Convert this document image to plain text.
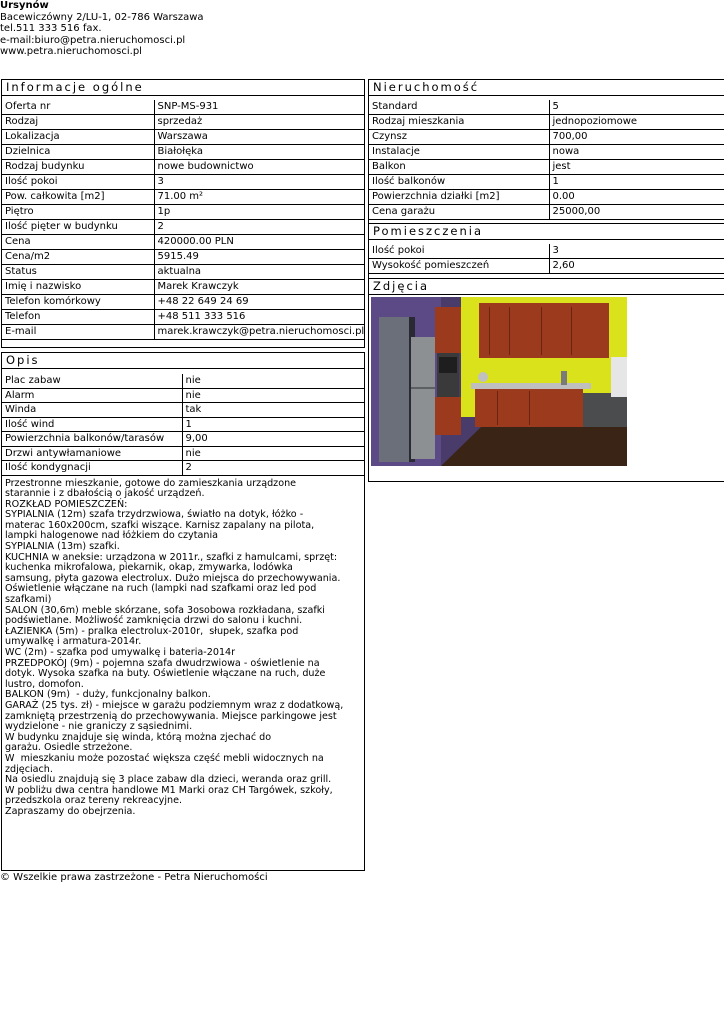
Ursynów
Bacewiczówny 2/LU-1, 02-786 Warszawa
tel.511 333 516 fax.
e-mail:biuro@petra.nieruchomosci.pl
www.petra.nieruchomosci.pl
Informacje ogólne
Oferta nr	SNP-MS-931
Rodzaj	sprzedaż
Lokalizacja	Warszawa
Dzielnica	Białołęka
Rodzaj budynku	nowe budownictwo
Ilość pokoi	3
Pow. całkowita [m2]	71.00 m²
Piętro	1p
Ilość pięter w budynku	2
Cena	420000.00 PLN
Cena/m2	5915.49
Status	aktualna
Imię i nazwisko	Marek Krawczyk
Telefon komórkowy	+48 22 649 24 69
Telefon	+48 511 333 516
E-mail	marek.krawczyk@petra.nieruchomosci.pl
Opis
Plac zabaw	nie
Alarm	nie
Winda	tak
Ilość wind	1
Powierzchnia balkonów/tarasów	9,00
Drzwi antywłamaniowe	nie
Ilość kondygnacji	2
Przestronne mieszkanie, gotowe do zamieszkania urządzone
starannie i z dbałością o jakość urządzeń.
ROZKŁAD POMIESZCZEŃ:
SYPIALNIA (12m) szafa trzydrzwiowa, światło na dotyk, łóżko -
materac 160x200cm, szafki wiszące. Karnisz zapalany na pilota,
lampki halogenowe nad łóżkiem do czytania
SYPIALNIA (13m) szafki.
KUCHNIA w aneksie: urządzona w 2011r., szafki z hamulcami, sprzęt:
kuchenka mikrofalowa, piekarnik, okap, zmywarka, lodówka
samsung, płyta gazowa electrolux. Dużo miejsca do przechowywania.
Oświetlenie włączane na ruch (lampki nad szafkami oraz led pod
szafkami)
SALON (30,6m) meble skórzane, sofa 3osobowa rozkładana, szafki
podświetlane. Możliwość zamknięcia drzwi do salonu i kuchni.
ŁAZIENKA (5m) - pralka electrolux-2010r,  słupek, szafka pod
umywalkę i armatura-2014r.
WC (2m) - szafka pod umywalkę i bateria-2014r
PRZEDPOKÓJ (9m) - pojemna szafa dwudrzwiowa - oświetlenie na
dotyk. Wysoka szafka na buty. Oświetlenie włączane na ruch, duże
lustro, domofon.
BALKON (9m)  - duży, funkcjonalny balkon.
GARAŻ (25 tys. zł) - miejsce w garażu podziemnym wraz z dodatkową,
zamkniętą przestrzenią do przechowywania. Miejsce parkingowe jest
wydzielone - nie graniczy z sąsiednimi.
W budynku znajduje się winda, którą można zjechać do
garażu. Osiedle strzeżone.
W  mieszkaniu może pozostać większa część mebli widocznych na
zdjęciach.
Na osiedlu znajdują się 3 place zabaw dla dzieci, weranda oraz grill.
W pobliżu dwa centra handlowe M1 Marki oraz CH Targówek, szkoły,
przedszkola oraz tereny rekreacyjne.
Zapraszamy do obejrzenia.
Nieruchomość
Standard	5
Rodzaj mieszkania	jednopoziomowe
Czynsz	700,00
Instalacje	nowa
Balkon	jest
Ilość balkonów	1
Powierzchnia działki [m2]	0.00
Cena garażu	25000,00
Pomieszczenia
Ilość pokoi	3
Wysokość pomieszczeń	2,60
Zdjęcia
© Wszelkie prawa zastrzeżone - Petra Nieruchomości
